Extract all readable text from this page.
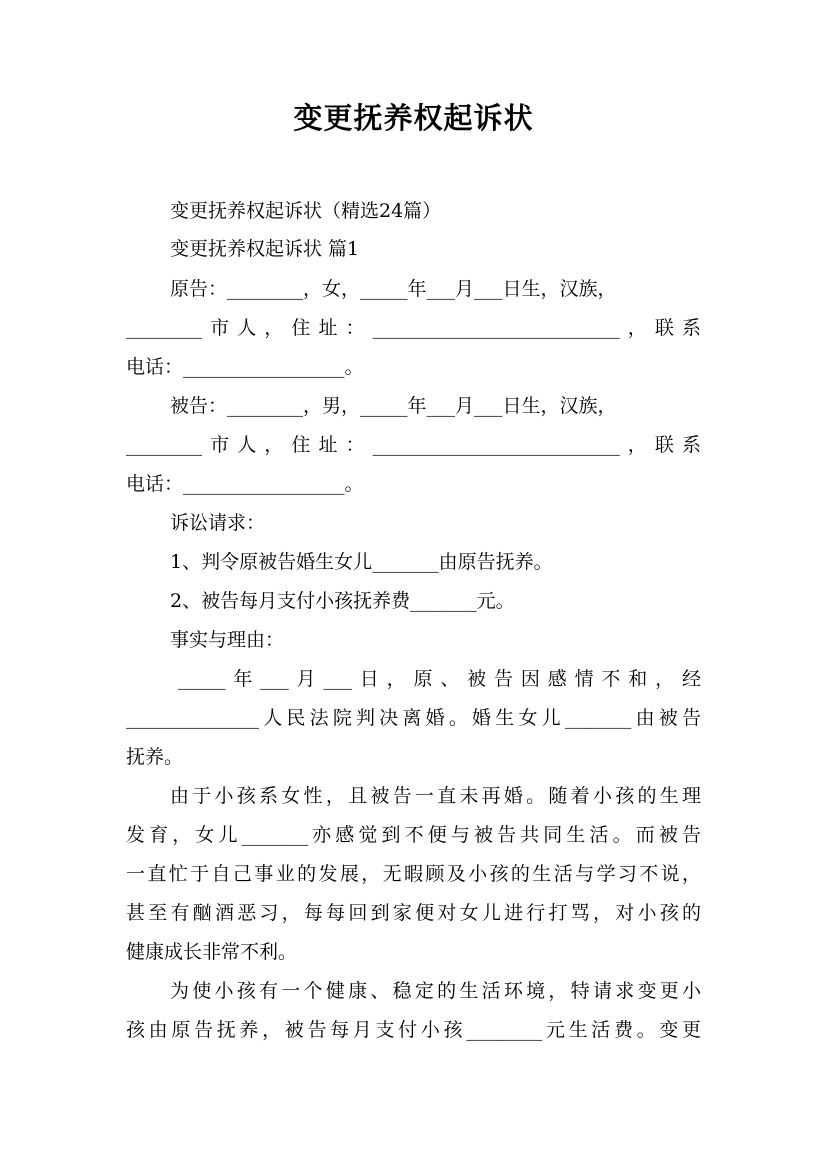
变更抚养权起诉状
变更抚养权起诉状（精选24篇）
变更抚养权起诉状 篇1
原告：________，女，_____年___月___日生，汉族，
________市人，住址：__________________________，联系
电话：_________________。
被告：________，男，_____年___月___日生，汉族，
________市人，住址：__________________________，联系
电话：_________________。
诉讼请求：
1、判令原被告婚生女儿_______由原告抚养。
2、被告每月支付小孩抚养费_______元。
事实与理由：
_____年___月___日，原、被告因感情不和，经
______________人民法院判决离婚。婚生女儿_______由被告
抚养。
由于小孩系女性，且被告一直未再婚。随着小孩的生理
发育，女儿_______亦感觉到不便与被告共同生活。而被告
一直忙于自己事业的发展，无暇顾及小孩的生活与学习不说，
甚至有酗酒恶习，每每回到家便对女儿进行打骂，对小孩的
健康成长非常不利。
为使小孩有一个健康、稳定的生活环境，特请求变更小
孩由原告抚养，被告每月支付小孩________元生活费。变更
